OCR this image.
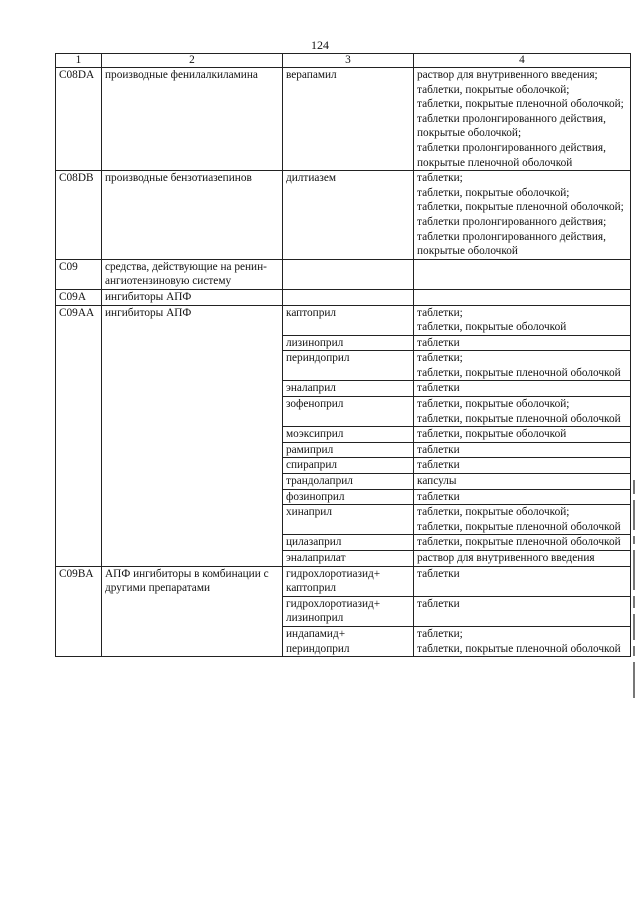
124
1	2	3	4
C08DA	производные фенилалкиламина	верапамил	раствор для внутривенного введения;
таблетки, покрытые оболочкой;
таблетки, покрытые пленочной оболочкой;
таблетки пролонгированного действия, покрытые оболочкой;
таблетки пролонгированного действия, покрытые пленочной оболочкой

C08DB	производные бензотиазепинов	дилтиазем	таблетки;
таблетки, покрытые оболочкой;
таблетки, покрытые пленочной оболочкой;
таблетки пролонгированного действия;
таблетки пролонгированного действия, покрытые оболочкой

C09	средства, действующие на ренин-ангиотензиновую систему		
C09A	ингибиторы АПФ		
C09AA	ингибиторы АПФ	каптоприл	таблетки;
таблетки, покрытые оболочкой

		лизиноприл	таблетки

		периндоприл	таблетки;
таблетки, покрытые пленочной оболочкой

		эналаприл	таблетки

		зофеноприл	таблетки, покрытые оболочкой;
таблетки, покрытые пленочной оболочкой

		моэксиприл	таблетки, покрытые оболочкой

		рамиприл	таблетки

		спираприл	таблетки

		трандолаприл	капсулы

		фозиноприл	таблетки

		хинаприл	таблетки, покрытые оболочкой;
таблетки, покрытые пленочной оболочкой

		цилазаприл	таблетки, покрытые пленочной оболочкой

		эналаприлат	раствор для внутривенного введения

C09BA	АПФ ингибиторы в комбинации с другими препаратами	гидрохлоротиазид+ каптоприл	таблетки

		гидрохлоротиазид+ лизиноприл	таблетки

		индапамид+ периндоприл	таблетки;
таблетки, покрытые пленочной оболочкой
